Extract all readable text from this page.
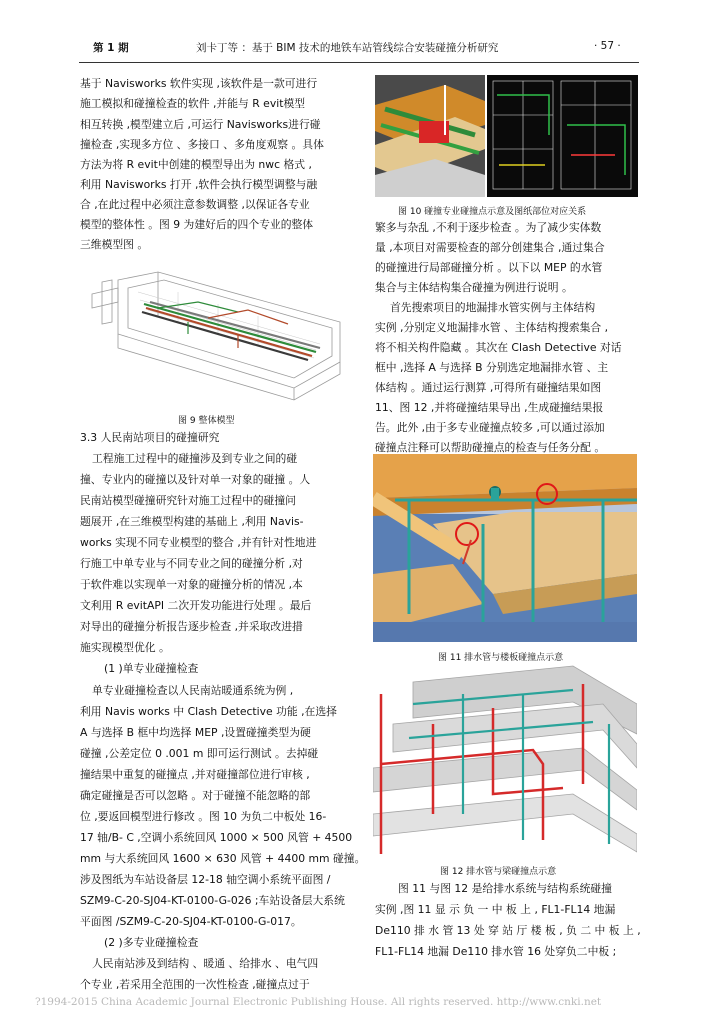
第 1 期	刘卡丁等 ：基于 BIM 技术的地铁车站管线综合安装碰撞分析研究	· 57 ·
基于 Navisworks 软件实现 ,该软件是一款可进行
施工模拟和碰撞检查的软件 ,并能与 R evit模型
相互转换 ,模型建立后 ,可运行 Navisworks进行碰
撞检查 ,实现多方位 、多接口 、多角度观察 。具体
方法为将 R evit中创建的模型导出为 nwc 格式 ,
利用 Navisworks 打开 ,软件会执行模型调整与融
合 ,在此过程中必须注意参数调整 ,以保证各专业
模型的整体性 。图 9 为建好后的四个专业的整体
三维模型图 。
图 9 整体模型
3.3 人民南站项目的碰撞研究
工程施工过程中的碰撞涉及到专业之间的碰
撞、专业内的碰撞以及针对单一对象的碰撞 。人
民南站模型碰撞研究针对施工过程中的碰撞问
题展开 ,在三维模型构建的基础上 ,利用 Navis-
works 实现不同专业模型的整合 ,并有针对性地进
行施工中单专业与不同专业之间的碰撞分析 ,对
于软件难以实现单一对象的碰撞分析的情况 ,本
文利用 R evitAPI 二次开发功能进行处理 。最后
对导出的碰撞分析报告逐步检查 ,并采取改进措
施实现模型优化 。
(1 )单专业碰撞检查
单专业碰撞检查以人民南站暖通系统为例 ,
利用 Navis works 中 Clash Detective 功能 ,在选择
A 与选择 B 框中均选择 MEP ,设置碰撞类型为硬
碰撞 ,公差定位 0 .001 m 即可运行测试 。去掉碰
撞结果中重复的碰撞点 ,并对碰撞部位进行审核 ,
确定碰撞是否可以忽略 。对于碰撞不能忽略的部
位 ,要返回模型进行修改 。图 10 为负二中板处 16-
17 轴/B- C ,空调小系统回风 1000 × 500 风管 + 4500
mm 与大系统回风 1600 × 630 风管 + 4400 mm 碰撞。
涉及图纸为车站设备层 12-18 轴空调小系统平面图 /
SZM9-C-20-SJ04-KT-0100-G-026 ;车站设备层大系统
平面图 /SZM9-C-20-SJ04-KT-0100-G-017。
(2 )多专业碰撞检查
人民南站涉及到结构 、暖通 、给排水 、电气四
个专业 ,若采用全范围的一次性检查 ,碰撞点过于
图 10 碰撞专业碰撞点示意及图纸部位对应关系
繁多与杂乱 ,不利于逐步检查 。为了减少实体数
量 ,本项目对需要检查的部分创建集合 ,通过集合
的碰撞进行局部碰撞分析 。以下以 MEP 的水管
集合与主体结构集合碰撞为例进行说明 。
首先搜索项目的地漏排水管实例与主体结构
实例 ,分别定义地漏排水管 、主体结构搜索集合 ,
将不相关构件隐藏 。其次在 Clash Detective 对话
框中 ,选择 A 与选择 B 分别选定地漏排水管 、主
体结构 。通过运行测算 ,可得所有碰撞结果如图
11、图 12 ,并将碰撞结果导出 ,生成碰撞结果报
告。此外 ,由于多专业碰撞点较多 ,可以通过添加
碰撞点注释可以帮助碰撞点的检查与任务分配 。
图 11 排水管与楼板碰撞点示意
图 12 排水管与梁碰撞点示意
图 11 与图 12 是给排水系统与结构系统碰撞
实例 ,图 11 显 示 负 一 中 板 上 , FL1-FL14 地漏
De110 排 水 管 13 处 穿 站 厅 楼 板 , 负 二 中 板 上 ,
FL1-FL14 地漏 De110 排水管 16 处穿负二中板 ;
?1994-2015 China Academic Journal Electronic Publishing House. All rights reserved. http://www.cnki.net
